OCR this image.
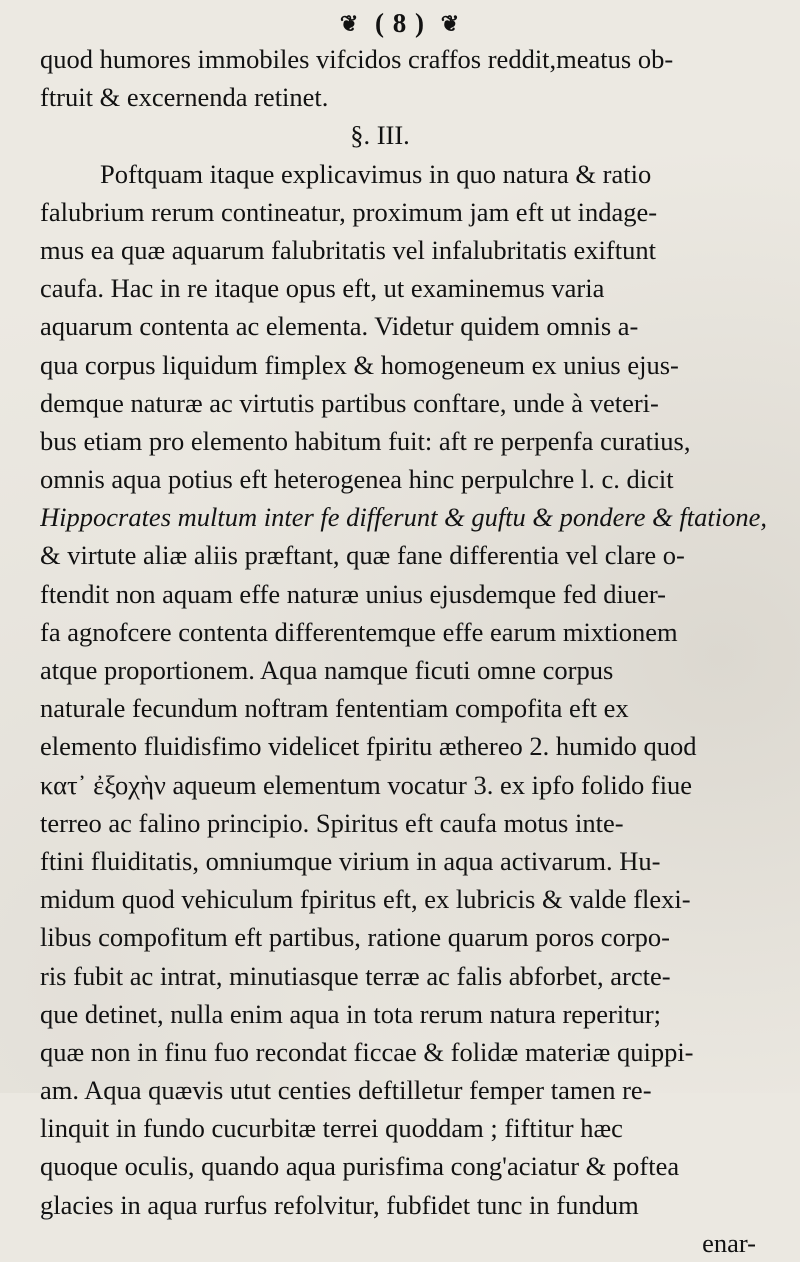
❦ ( 8 ) ❦
quod humores immobiles vifcidos craffos reddit,meatus ob-
ftruit & excernenda retinet.
§. III.
Poftquam itaque explicavimus in quo natura & ratio
falubrium rerum contineatur, proximum jam eft ut indage-
mus ea quæ aquarum falubritatis vel infalubritatis exiftunt
caufa. Hac in re itaque opus eft, ut examinemus varia
aquarum contenta ac elementa. Videtur quidem omnis a-
qua corpus liquidum fimplex & homogeneum ex unius ejus-
demque naturæ ac virtutis partibus conftare, unde à veteri-
bus etiam pro elemento habitum fuit: aft re perpenfa curatius,
omnis aqua potius eft heterogenea hinc perpulchre l. c. dicit
Hippocrates multum inter fe differunt & guftu & pondere & ftatione,
& virtute aliæ aliis præftant, quæ fane differentia vel clare o-
ftendit non aquam effe naturæ unius ejusdemque fed diuer-
fa agnofcere contenta differentemque effe earum mixtionem
atque proportionem. Aqua namque ficuti omne corpus
naturale fecundum noftram fententiam compofita eft ex
elemento fluidisfimo videlicet fpiritu æthereo 2. humido quod
κατ᾽ ἐξοχὴν aqueum elementum vocatur 3. ex ipfo folido fiue
terreo ac falino principio. Spiritus eft caufa motus inte-
ftini fluiditatis, omniumque virium in aqua activarum. Hu-
midum quod vehiculum fpiritus eft, ex lubricis & valde flexi-
libus compofitum eft partibus, ratione quarum poros corpo-
ris fubit ac intrat, minutiasque terræ ac falis abforbet, arcte-
que detinet, nulla enim aqua in tota rerum natura reperitur;
quæ non in finu fuo recondat ficcae & folidæ materiæ quippi-
am. Aqua quævis utut centies deftilletur femper tamen re-
linquit in fundo cucurbitæ terrei quoddam ; fiftitur hæc
quoque oculis, quando aqua purisfima cong'aciatur & poftea
glacies in aqua rurfus refolvitur, fubfidet tunc in fundum
enar-
